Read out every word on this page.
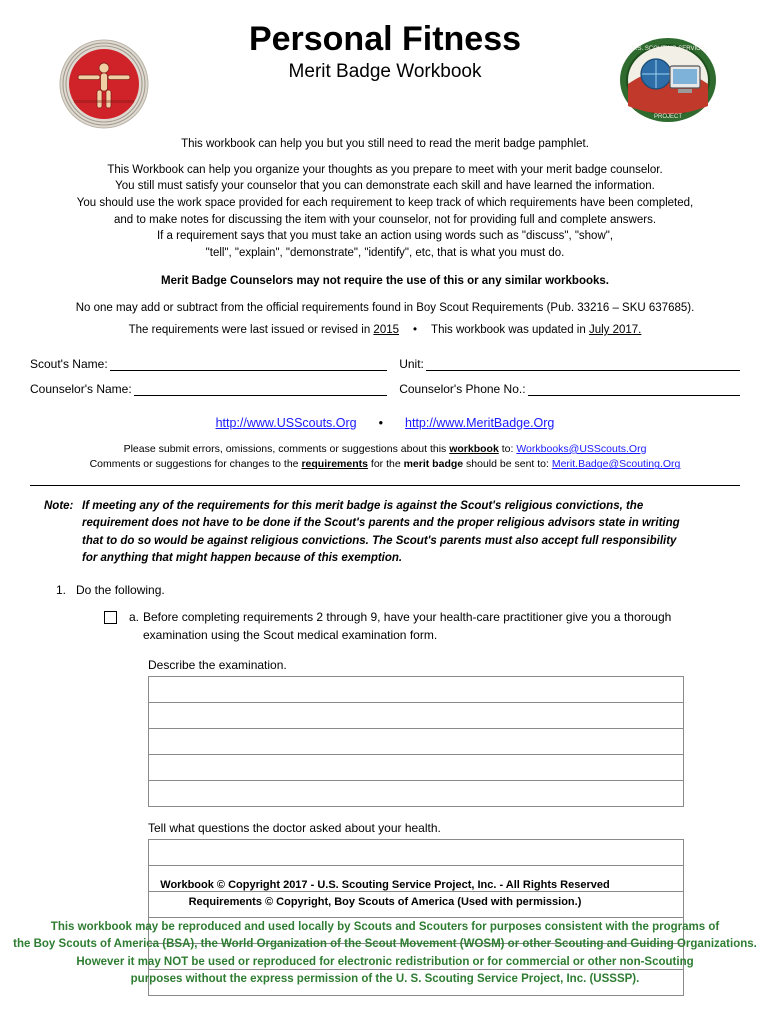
Personal Fitness
Merit Badge Workbook
U.S. SCOUTING SERVICE
PROJECT

This workbook can help you but you still need to read the merit badge pamphlet.

This Workbook can help you organize your thoughts as you prepare to meet with your merit badge counselor.

You still must satisfy your counselor that you can demonstrate each skill and have learned the information.

You should use the work space provided for each requirement to keep track of which requirements have been completed,

and to make notes for discussing the item with your counselor, not for providing full and complete answers.

If a requirement says that you must take an action using words such as "discuss", "show",

"tell", "explain", "demonstrate", "identify", etc, that is what you must do.

Merit Badge Counselors may not require the use of this or any similar workbooks.
No one may add or subtract from the official requirements found in Boy Scout Requirements (Pub. 33216 – SKU 637685).
The requirements were last issued or revised in 2015 • This workbook was updated in July 2017.
Scout's Name:	Unit:
Counselor's Name:	Counselor's Phone No.:
http://www.USScouts.Org • http://www.MeritBadge.Org
Please submit errors, omissions, comments or suggestions about this workbook to: Workbooks@USScouts.Org
Comments or suggestions for changes to the requirements for the merit badge should be sent to: Merit.Badge@Scouting.Org
Note: If meeting any of the requirements for this merit badge is against the Scout's religious convictions, the requirement does not have to be done if the Scout's parents and the proper religious advisors state in writing that to do so would be against religious convictions. The Scout's parents must also accept full responsibility for anything that might happen because of this exemption.
1. Do the following.
a. Before completing requirements 2 through 9, have your health-care practitioner give you a thorough examination using the Scout medical examination form.
Describe the examination.
Tell what questions the doctor asked about your health.
Workbook © Copyright 2017 - U.S. Scouting Service Project, Inc. - All Rights Reserved
Requirements © Copyright, Boy Scouts of America (Used with permission.)
This workbook may be reproduced and used locally by Scouts and Scouters for purposes consistent with the programs of
the Boy Scouts of America (BSA), the World Organization of the Scout Movement (WOSM) or other Scouting and Guiding Organizations.
However it may NOT be used or reproduced for electronic redistribution or for commercial or other non-Scouting
purposes without the express permission of the U. S. Scouting Service Project, Inc. (USSSP).
